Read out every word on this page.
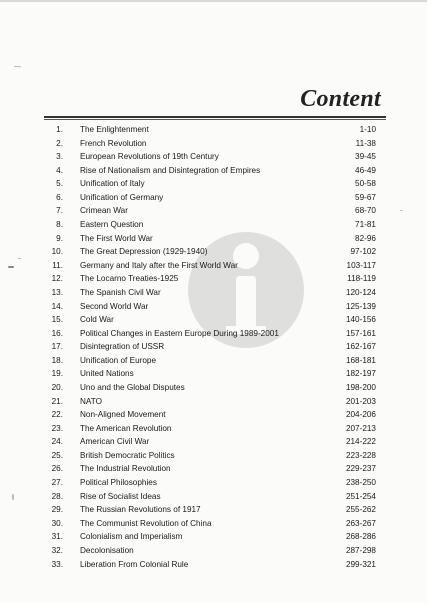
Content
1. The Enlightenment	1-10
2. French Revolution	11-38
3. European Revolutions of 19th Century	39-45
4. Rise of Nationalism and Disintegration of Empires	46-49
5. Unification of Italy	50-58
6. Unification of Germany	59-67
7. Crimean War	68-70
8. Eastern Question	71-81
9. The First World War	82-96
10. The Great Depression (1929-1940)	97-102
11. Germany and Italy after the First World War	103-117
12. The Locarno Treaties-1925	118-119
13. The Spanish Civil War	120-124
14. Second World War	125-139
15. Cold War	140-156
16. Political Changes in Eastern Europe During 1989-2001	157-161
17. Disintegration of USSR	162-167
18. Unification of Europe	168-181
19. United Nations	182-197
20. Uno and the Global Disputes	198-200
21. NATO	201-203
22. Non-Aligned Movement	204-206
23. The American Revolution	207-213
24. American Civil War	214-222
25. British Democratic Politics	223-228
26. The Industrial Revolution	229-237
27. Political Philosophies	238-250
28. Rise of Socialist Ideas	251-254
29. The Russian Revolutions of 1917	255-262
30. The Communist Revolution of China	263-267
31. Colonialism and Imperialism	268-286
32. Decolonisation	287-298
33. Liberation From Colonial Rule	299-321
